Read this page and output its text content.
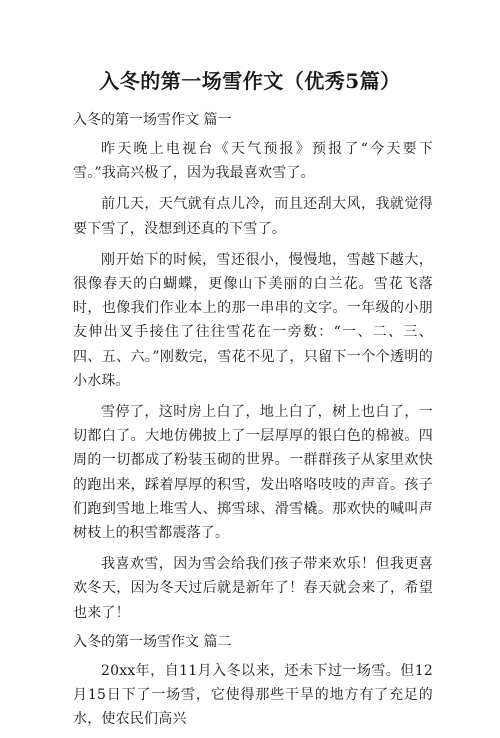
入冬的第一场雪作文（优秀5篇）
入冬的第一场雪作文 篇一

昨天晚上电视台《天气预报》预报了“今天要下雪。”我高兴极了，因为我最喜欢雪了。

前几天，天气就有点儿冷，而且还刮大风，我就觉得要下雪了，没想到还真的下雪了。

刚开始下的时候，雪还很小，慢慢地，雪越下越大，很像春天的白蝴蝶，更像山下美丽的白兰花。雪花飞落时，也像我们作业本上的那一串串的文字。一年级的小朋友伸出叉手接住了往往雪花在一旁数：“一、二、三、四、五、六。”刚数完，雪花不见了，只留下一个个透明的小水珠。

雪停了，这时房上白了，地上白了，树上也白了，一切都白了。大地仿佛披上了一层厚厚的银白色的棉被。四周的一切都成了粉装玉砌的世界。一群群孩子从家里欢快的跑出来，踩着厚厚的积雪，发出咯咯吱吱的声音。孩子们跑到雪地上堆雪人、掷雪球、滑雪橇。那欢快的喊叫声树枝上的积雪都震落了。

我喜欢雪，因为雪会给我们孩子带来欢乐！但我更喜欢冬天，因为冬天过后就是新年了！春天就会来了，希望也来了！

入冬的第一场雪作文 篇二

20xx年，自11月入冬以来，还未下过一场雪。但12月15日下了一场雪，它使得那些干旱的地方有了充足的水，使农民们高兴
